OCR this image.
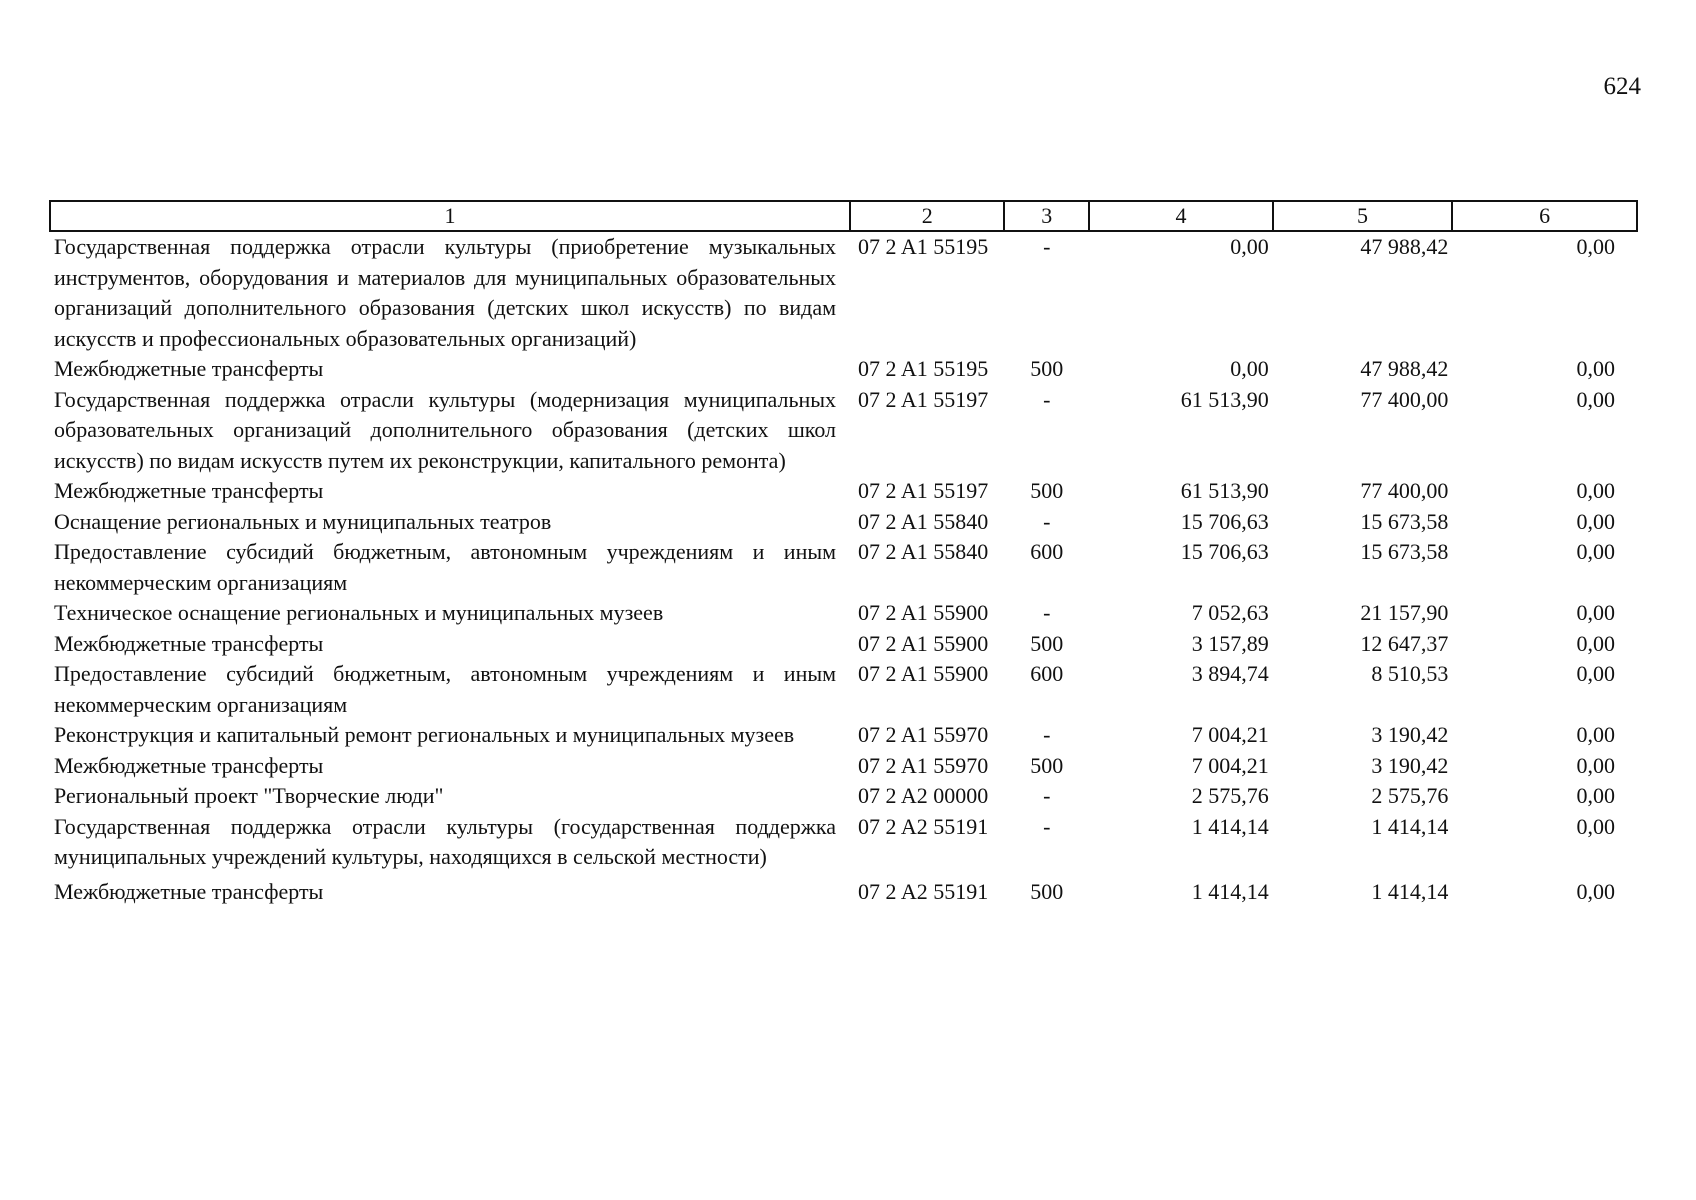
624
1	2	3	4	5	6
Государственная поддержка отрасли культуры (приобретение музыкальных инструментов, оборудования и материалов для муниципальных образовательных организаций дополнительного образования (детских школ искусств) по видам искусств и профессиональных образовательных организаций)	07 2 A1 55195	-	0,00	47 988,42	0,00
Межбюджетные трансферты	07 2 A1 55195	500	0,00	47 988,42	0,00
Государственная поддержка отрасли культуры (модернизация муниципальных образовательных организаций дополнительного образования (детских школ искусств) по видам искусств путем их реконструкции, капитального ремонта)	07 2 A1 55197	-	61 513,90	77 400,00	0,00
Межбюджетные трансферты	07 2 A1 55197	500	61 513,90	77 400,00	0,00
Оснащение региональных и муниципальных театров	07 2 A1 55840	-	15 706,63	15 673,58	0,00
Предоставление субсидий бюджетным, автономным учреждениям и иным некоммерческим организациям	07 2 A1 55840	600	15 706,63	15 673,58	0,00
Техническое оснащение региональных и муниципальных музеев	07 2 A1 55900	-	7 052,63	21 157,90	0,00
Межбюджетные трансферты	07 2 A1 55900	500	3 157,89	12 647,37	0,00
Предоставление субсидий бюджетным, автономным учреждениям и иным некоммерческим организациям	07 2 A1 55900	600	3 894,74	8 510,53	0,00
Реконструкция и капитальный ремонт региональных и муниципальных музеев	07 2 A1 55970	-	7 004,21	3 190,42	0,00
Межбюджетные трансферты	07 2 A1 55970	500	7 004,21	3 190,42	0,00
Региональный проект "Творческие люди"	07 2 A2 00000	-	2 575,76	2 575,76	0,00
Государственная поддержка отрасли культуры (государственная поддержка муниципальных учреждений культуры, находящихся в сельской местности)	07 2 A2 55191	-	1 414,14	1 414,14	0,00
Межбюджетные трансферты	07 2 A2 55191	500	1 414,14	1 414,14	0,00
